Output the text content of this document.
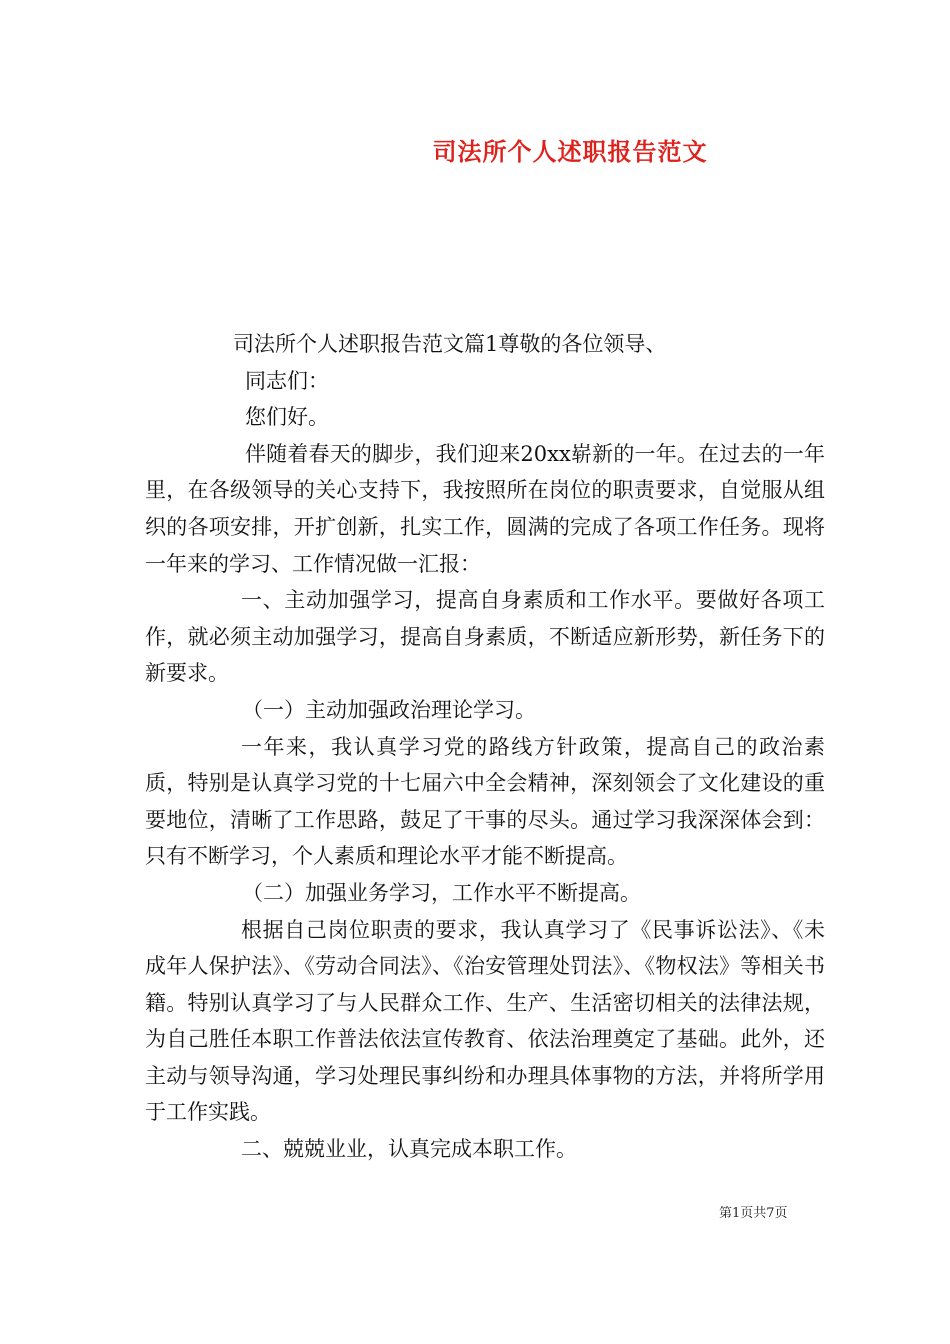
司法所个人述职报告范文

司法所个人述职报告范文篇1尊敬的各位领导、

同志们：

您们好。

伴随着春天的脚步，我们迎来20xx崭新的一年。在过去的一年里，在各级领导的关心支持下，我按照所在岗位的职责要求，自觉服从组织的各项安排，开扩创新，扎实工作，圆满的完成了各项工作任务。现将一年来的学习、工作情况做一汇报：

一、主动加强学习，提高自身素质和工作水平。要做好各项工作，就必须主动加强学习，提高自身素质，不断适应新形势，新任务下的新要求。

（一）主动加强政治理论学习。

一年来，我认真学习党的路线方针政策，提高自己的政治素质，特别是认真学习党的十七届六中全会精神，深刻领会了文化建设的重要地位，清晰了工作思路，鼓足了干事的尽头。通过学习我深深体会到：只有不断学习，个人素质和理论水平才能不断提高。

（二）加强业务学习，工作水平不断提高。

根据自己岗位职责的要求，我认真学习了《民事诉讼法》、《未成年人保护法》、《劳动合同法》、《治安管理处罚法》、《物权法》等相关书籍。特别认真学习了与人民群众工作、生产、生活密切相关的法律法规，为自己胜任本职工作普法依法宣传教育、依法治理奠定了基础。此外，还主动与领导沟通，学习处理民事纠纷和办理具体事物的方法，并将所学用于工作实践。

二、兢兢业业，认真完成本职工作。

第1页共7页
